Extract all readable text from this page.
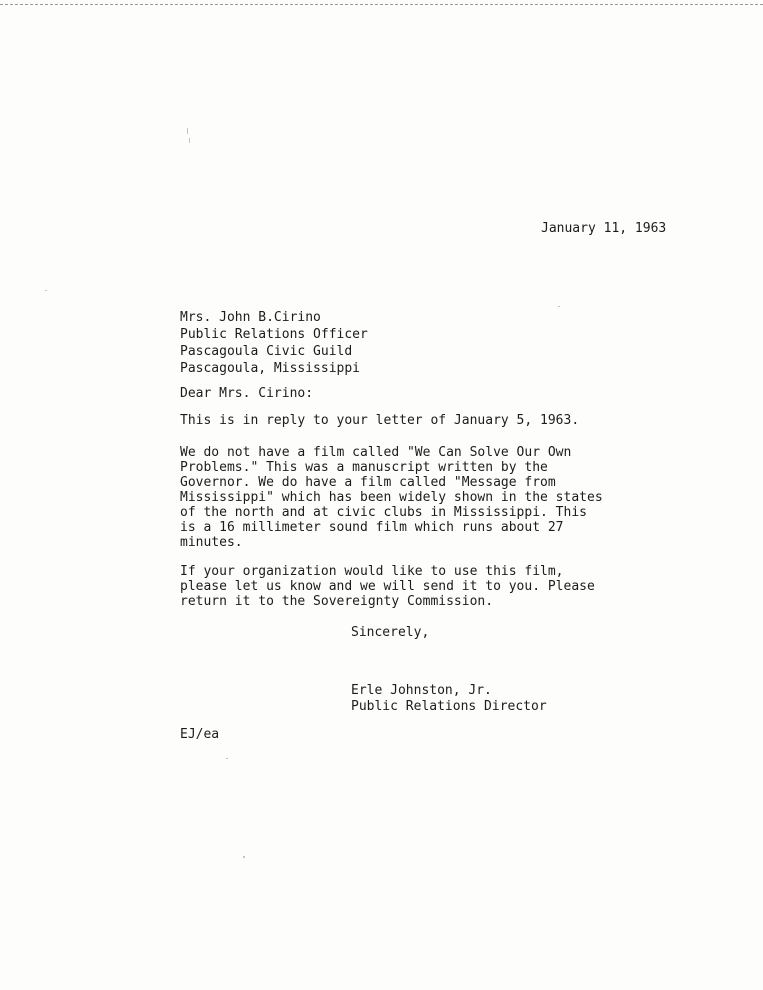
January 11, 1963
Mrs. John B.Cirino
Public Relations Officer
Pascagoula Civic Guild
Pascagoula, Mississippi
Dear Mrs. Cirino:
This is in reply to your letter of January 5, 1963.
We do not have a film called "We Can Solve Our Own
Problems." This was a manuscript written by the
Governor. We do have a film called "Message from
Mississippi" which has been widely shown in the states
of the north and at civic clubs in Mississippi. This
is a 16 millimeter sound film which runs about 27
minutes.
If your organization would like to use this film,
please let us know and we will send it to you. Please
return it to the Sovereignty Commission.
Sincerely,
Erle Johnston, Jr.
Public Relations Director
EJ/ea
